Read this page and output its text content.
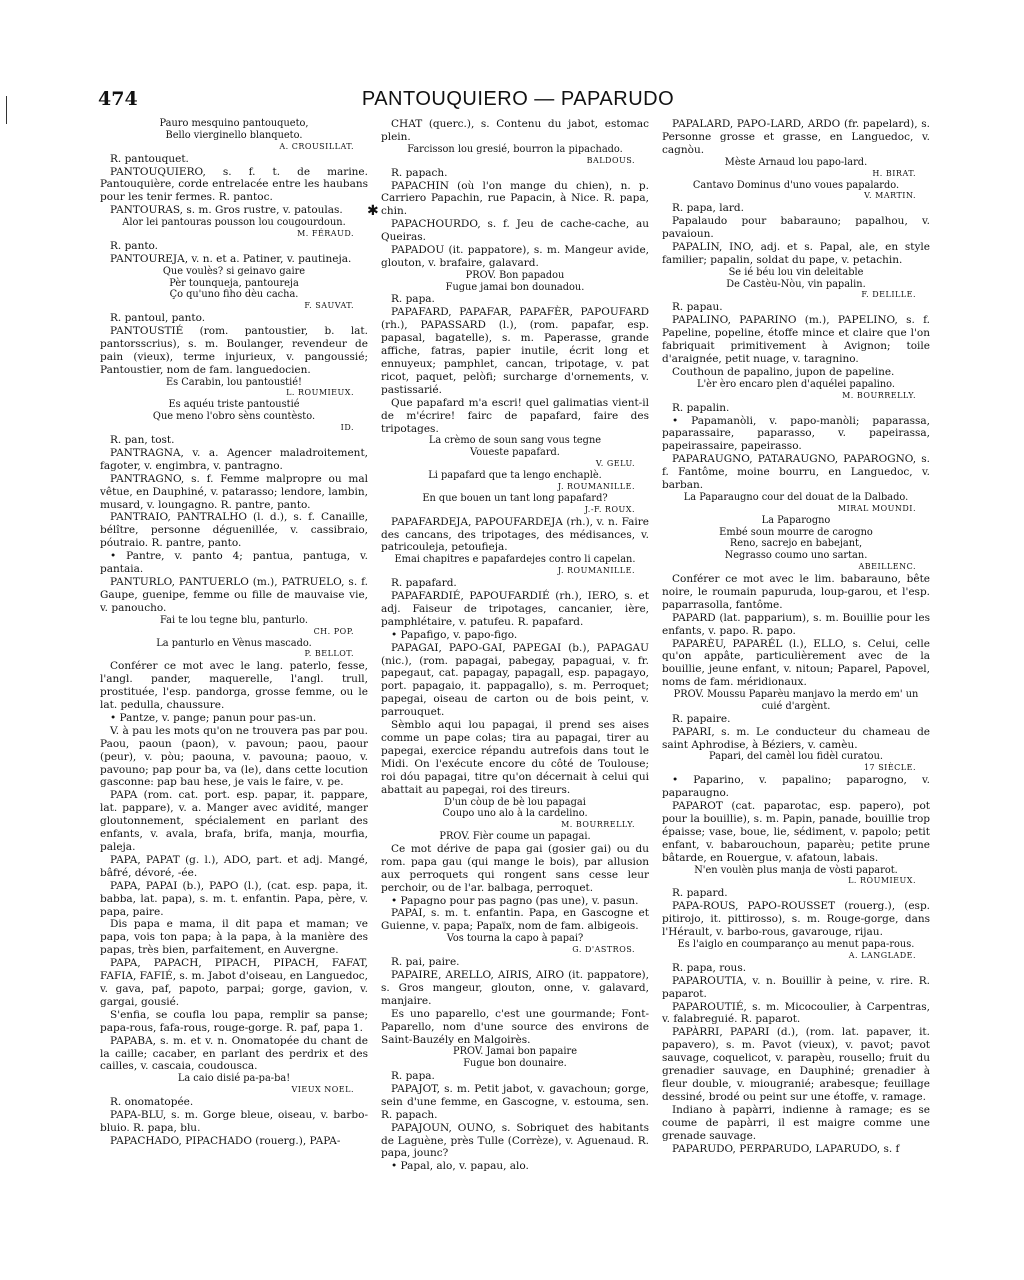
474	PANTOUQUIERO — PAPARUDO
✱
Pauro mesquino pantouqueto,
Bello vierginello blanqueto.
A. CROUSILLAT.
R. pantouquet.
PANTOUQUIERO, s. f. t. de marine. Pantouquière, corde entrelacée entre les haubans pour les tenir fermes. R. pantoc.
PANTOURAS, s. m. Gros rustre, v. patoulas.
Alor lei pantouras pousson lou cougourdoun.
M. FÉRAUD.
R. panto.
PANTOUREJA, v. n. et a. Patiner, v. pautineja.
Que voulès? si geinavo gaire
Pèr tounqueja, pantoureja
Ço qu'uno fiho dèu cacha.
F. SAUVAT.
R. pantoul, panto.
PANTOUSTIÉ (rom. pantoustier, b. lat. pantorsscrius), s. m. Boulanger, revendeur de pain (vieux), terme injurieux, v. pangoussié; Pantoustier, nom de fam. languedocien.
Es Carabin, lou pantoustié!
L. ROUMIEUX.
Es aquéu triste pantoustié
Que meno l'obro sèns countèsto.
ID.
R. pan, tost.
PANTRAGNA, v. a. Agencer maladroitement, fagoter, v. engimbra, v. pantragno.
PANTRAGNO, s. f. Femme malpropre ou mal vêtue, en Dauphiné, v. patarasso; lendore, lambin, musard, v. loungagno. R. pantre, panto.
PANTRAIO, PANTRALHO (l. d.), s. f. Canaille, bélître, personne déguenillée, v. cassibraio, póutraio. R. pantre, panto.
• Pantre, v. panto 4; pantua, pantuga, v. pantaia.
PANTURLO, PANTUERLO (m.), PATRUELO, s. f. Gaupe, guenipe, femme ou fille de mauvaise vie, v. panoucho.
Fai te lou tegne blu, panturlo.
CH. POP.
La panturlo en Vènus mascado.
P. BELLOT.
Conférer ce mot avec le lang. paterlo, fesse, l'angl. pander, maquerelle, l'angl. trull, prostituée, l'esp. pandorga, grosse femme, ou le lat. pedulla, chaussure.
• Pantze, v. pange; panun pour pas-un.
V. à pau les mots qu'on ne trouvera pas par pou. Paou, paoun (paon), v. pavoun; paou, paour (peur), v. pòu; paouna, v. pavouna; paouo, v. pavouno; pap pour ba, va (le), dans cette locution gasconne: pap bau hese, je vais le faire, v. pe.
PAPA (rom. cat. port. esp. papar, it. pappare, lat. pappare), v. a. Manger avec avidité, manger gloutonnement, spécialement en parlant des enfants, v. avala, brafa, brifa, manja, mourfia, paleja.
PAPA, PAPAT (g. l.), ADO, part. et adj. Mangé, bâfré, dévoré, -ée.
PAPA, PAPAI (b.), PAPO (l.), (cat. esp. papa, it. babba, lat. papa), s. m. t. enfantin. Papa, père, v. papa, paire.
Dis papa e mama, il dit papa et maman; ve papa, vois ton papa; à la papa, à la manière des papas, très bien, parfaitement, en Auvergne.
PAPA, PAPACH, PIPACH, PIPACH, FAFAT, FAFIA, FAFIÉ, s. m. Jabot d'oiseau, en Languedoc, v. gava, paf, papoto, parpai; gorge, gavion, v. gargai, gousié.
S'enfia, se coufla lou papa, remplir sa panse; papa-rous, fafa-rous, rouge-gorge. R. paf, papa 1.
PAPABA, s. m. et v. n. Onomatopée du chant de la caille; cacaber, en parlant des perdrix et des cailles, v. cascaia, coudousca.
La caio disié pa-pa-ba!
VIEUX NOEL.
R. onomatopée.
PAPA-BLU, s. m. Gorge bleue, oiseau, v. barbo-bluio. R. papa, blu.
PAPACHADO, PIPACHADO (rouerg.), PAPA-
CHAT (querc.), s. Contenu du jabot, estomac plein.
Farcisson lou gresié, bourron la pipachado.
BALDOUS.
R. papach.
PAPACHIN (où l'on mange du chien), n. p. Carriero Papachin, rue Papacin, à Nice. R. papa, chin.
PAPACHOURDO, s. f. Jeu de cache-cache, au Queiras.
PAPADOU (it. pappatore), s. m. Mangeur avide, glouton, v. brafaire, galavard.
PROV. Bon papadou
Fugue jamai bon dounadou.
R. papa.
PAPAFARD, PAPAFAR, PAPAFÈR, PAPOUFARD (rh.), PAPASSARD (l.), (rom. papafar, esp. papasal, bagatelle), s. m. Paperasse, grande affiche, fatras, papier inutile, écrit long et ennuyeux; pamphlet, cancan, tripotage, v. pat ricot, paquet, pelòfi; surcharge d'ornements, v. pastissarié.
Que papafard m'a escri! quel galimatias vient-il de m'écrire! fairc de papafard, faire des tripotages.
La crèmo de soun sang vous tegne
Voueste papafard.
V. GELU.
Li papafard que ta lengo enchaplè.
J. ROUMANILLE.
En que bouen un tant long papafard?
J.-F. ROUX.
PAPAFARDEJA, PAPOUFARDEJA (rh.), v. n. Faire des cancans, des tripotages, des médisances, v. patricouleja, petoufieja.
Emai chapitres e papafardejes contro li capelan.
J. ROUMANILLE.
R. papafard.
PAPAFARDIÉ, PAPOUFARDIÉ (rh.), IERO, s. et adj. Faiseur de tripotages, cancanier, ière, pamphlétaire, v. patufeu. R. papafard.
• Papafigo, v. papo-figo.
PAPAGAI, PAPO-GAI, PAPEGAI (b.), PAPAGAU (nic.), (rom. papagai, pabegay, papaguai, v. fr. papegaut, cat. papagay, papagall, esp. papagayo, port. papagaio, it. pappagallo), s. m. Perroquet; papegai, oiseau de carton ou de bois peint, v. parrouquet.
Sèmblo aqui lou papagai, il prend ses aises comme un pape colas; tira au papagai, tirer au papegai, exercice répandu autrefois dans tout le Midi. On l'exécute encore du côté de Toulouse; roi dóu papagai, titre qu'on décernait à celui qui abattait au papegai, roi des tireurs.
D'un còup de bè lou papagai
Coupo uno alo à la cardelino.
M. BOURRELLY.
PROV. Fièr coume un papagai.
Ce mot dérive de papa gai (gosier gai) ou du rom. papa gau (qui mange le bois), par allusion aux perroquets qui rongent sans cesse leur perchoir, ou de l'ar. balbaga, perroquet.
• Papagno pour pas pagno (pas une), v. pasun.
PAPAI, s. m. t. enfantin. Papa, en Gascogne et Guienne, v. papa; Papaïx, nom de fam. albigeois.
Vos tourna la capo à papai?
G. D'ASTROS.
R. pai, paire.
PAPAIRE, ARELLO, AIRIS, AIRO (it. pappatore), s. Gros mangeur, glouton, onne, v. galavard, manjaire.
Es uno paparello, c'est une gourmande; Font-Paparello, nom d'une source des environs de Saint-Bauzély en Malgoirès.
PROV. Jamai bon papaire
Fugue bon dounaire.
R. papa.
PAPAJOT, s. m. Petit jabot, v. gavachoun; gorge, sein d'une femme, en Gascogne, v. estouma, sen. R. papach.
PAPAJOUN, OUNO, s. Sobriquet des habitants de Laguène, près Tulle (Corrèze), v. Aguenaud. R. papa, jounc?
• Papal, alo, v. papau, alo.
PAPALARD, PAPO-LARD, ARDO (fr. papelard), s. Personne grosse et grasse, en Languedoc, v. cagnòu.
Mèste Arnaud lou papo-lard.
H. BIRAT.
Cantavo Dominus d'uno voues papalardo.
V. MARTIN.
R. papa, lard.
Papalaudo pour babarauno; papalhou, v. pavaioun.
PAPALIN, INO, adj. et s. Papal, ale, en style familier; papalin, soldat du pape, v. petachin.
Se ié béu lou vin deleitable
De Castèu-Nòu, vin papalin.
F. DELILLE.
R. papau.
PAPALINO, PAPARINO (m.), PAPELINO, s. f. Papeline, popeline, étoffe mince et claire que l'on fabriquait primitivement à Avignon; toile d'araignée, petit nuage, v. taragnino.
Couthoun de papalino, jupon de papeline.
L'èr èro encaro plen d'aquélei papalino.
M. BOURRELLY.
R. papalin.
• Papamanòli, v. papo-manòli; paparassa, paparassaire, paparasso, v. papeirassa, papeirassaire, papeirasso.
PAPARAUGNO, PATARAUGNO, PAPAROGNO, s. f. Fantôme, moine bourru, en Languedoc, v. barban.
La Paparaugno cour del douat de la Dalbado.
MIRAL MOUNDI.
La Paparogno
Embé soun mourre de carogno
Reno, sacrejo en babejant,
Negrasso coumo uno sartan.
ABEILLENC.
Conférer ce mot avec le lim. babarauno, bête noire, le roumain papuruda, loup-garou, et l'esp. paparrasolla, fantôme.
PAPARD (lat. papparium), s. m. Bouillie pour les enfants, v. papo. R. papo.
PAPARÈU, PAPARÉL (l.), ELLO, s. Celui, celle qu'on appâte, particulièrement avec de la bouillie, jeune enfant, v. nitoun; Paparel, Papovel, noms de fam. méridionaux.
PROV. Moussu Paparèu manjavo la merdo em' un cuié d'argènt.
R. papaire.
PAPARI, s. m. Le conducteur du chameau de saint Aphrodise, à Béziers, v. camèu.
Papari, del camèl lou fidèl curatou.
17 SIÈCLE.
• Paparino, v. papalino; paparogno, v. paparaugno.
PAPAROT (cat. paparotac, esp. papero), pot pour la bouillie), s. m. Papin, panade, bouillie trop épaisse; vase, boue, lie, sédiment, v. papolo; petit enfant, v. babarouchoun, paparèu; petite prune bâtarde, en Rouergue, v. afatoun, labais.
N'en voulèn plus manja de vòsti paparot.
L. ROUMIEUX.
R. papard.
PAPA-ROUS, PAPO-ROUSSET (rouerg.), (esp. pitirojo, it. pittirosso), s. m. Rouge-gorge, dans l'Hérault, v. barbo-rous, gavarouge, rijau.
Es l'aiglo en coumparanço au menut papa-rous.
A. LANGLADE.
R. papa, rous.
PAPAROUTIA, v. n. Bouillir à peine, v. rire. R. paparot.
PAPAROUTIÉ, s. m. Micocoulier, à Carpentras, v. falabreguié. R. paparot.
PAPÀRRI, PAPARI (d.), (rom. lat. papaver, it. papavero), s. m. Pavot (vieux), v. pavot; pavot sauvage, coquelicot, v. parapèu, rousello; fruit du grenadier sauvage, en Dauphiné; grenadier à fleur double, v. miougranié; arabesque; feuillage dessiné, brodé ou peint sur une étoffe, v. ramage.
Indiano à papàrri, indienne à ramage; es se coume de papàrri, il est maigre comme une grenade sauvage.
PAPARUDO, PERPARUDO, LAPARUDO, s. f
